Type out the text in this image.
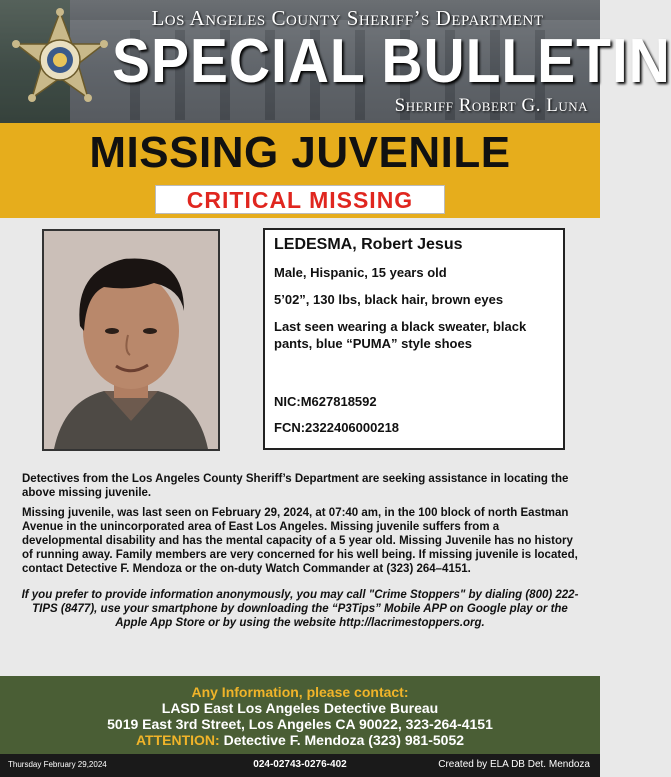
Los Angeles County Sheriff’s Department
SPECIAL BULLETIN
Sheriff Robert G. Luna
MISSING JUVENILE
CRITICAL MISSING
LEDESMA, Robert Jesus
Male, Hispanic, 15 years old
5’02”, 130 lbs, black hair, brown eyes
Last seen wearing a black sweater, black pants, blue “PUMA” style shoes
NIC:M627818592
FCN:2322406000218
Detectives from the Los Angeles County Sheriff’s Department are seeking assistance in locating the above missing juvenile.
Missing juvenile, was last seen on February 29, 2024, at 07:40 am, in the 100 block of north Eastman Avenue in the unincorporated area of East Los Angeles. Missing juvenile suffers from a developmental disability and has the mental capacity of a 5 year old. Missing Juvenile has no history of running away. Family members are very concerned for his well being. If missing juvenile is located, contact Detective F. Mendoza or the on-duty Watch Commander at (323) 264–4151.
If you prefer to provide information anonymously, you may call "Crime Stoppers" by dialing (800) 222-TIPS (8477), use your smartphone by downloading the “P3Tips” Mobile APP on Google play or the Apple App Store or by using the website http://lacrimestoppers.org.
Any Information, please contact:
LASD East Los Angeles Detective Bureau
5019 East 3rd Street, Los Angeles CA 90022, 323-264-4151
ATTENTION: Detective F. Mendoza (323) 981-5052
Thursday February 29,2024	024-02743-0276-402	Created by ELA DB Det. Mendoza
